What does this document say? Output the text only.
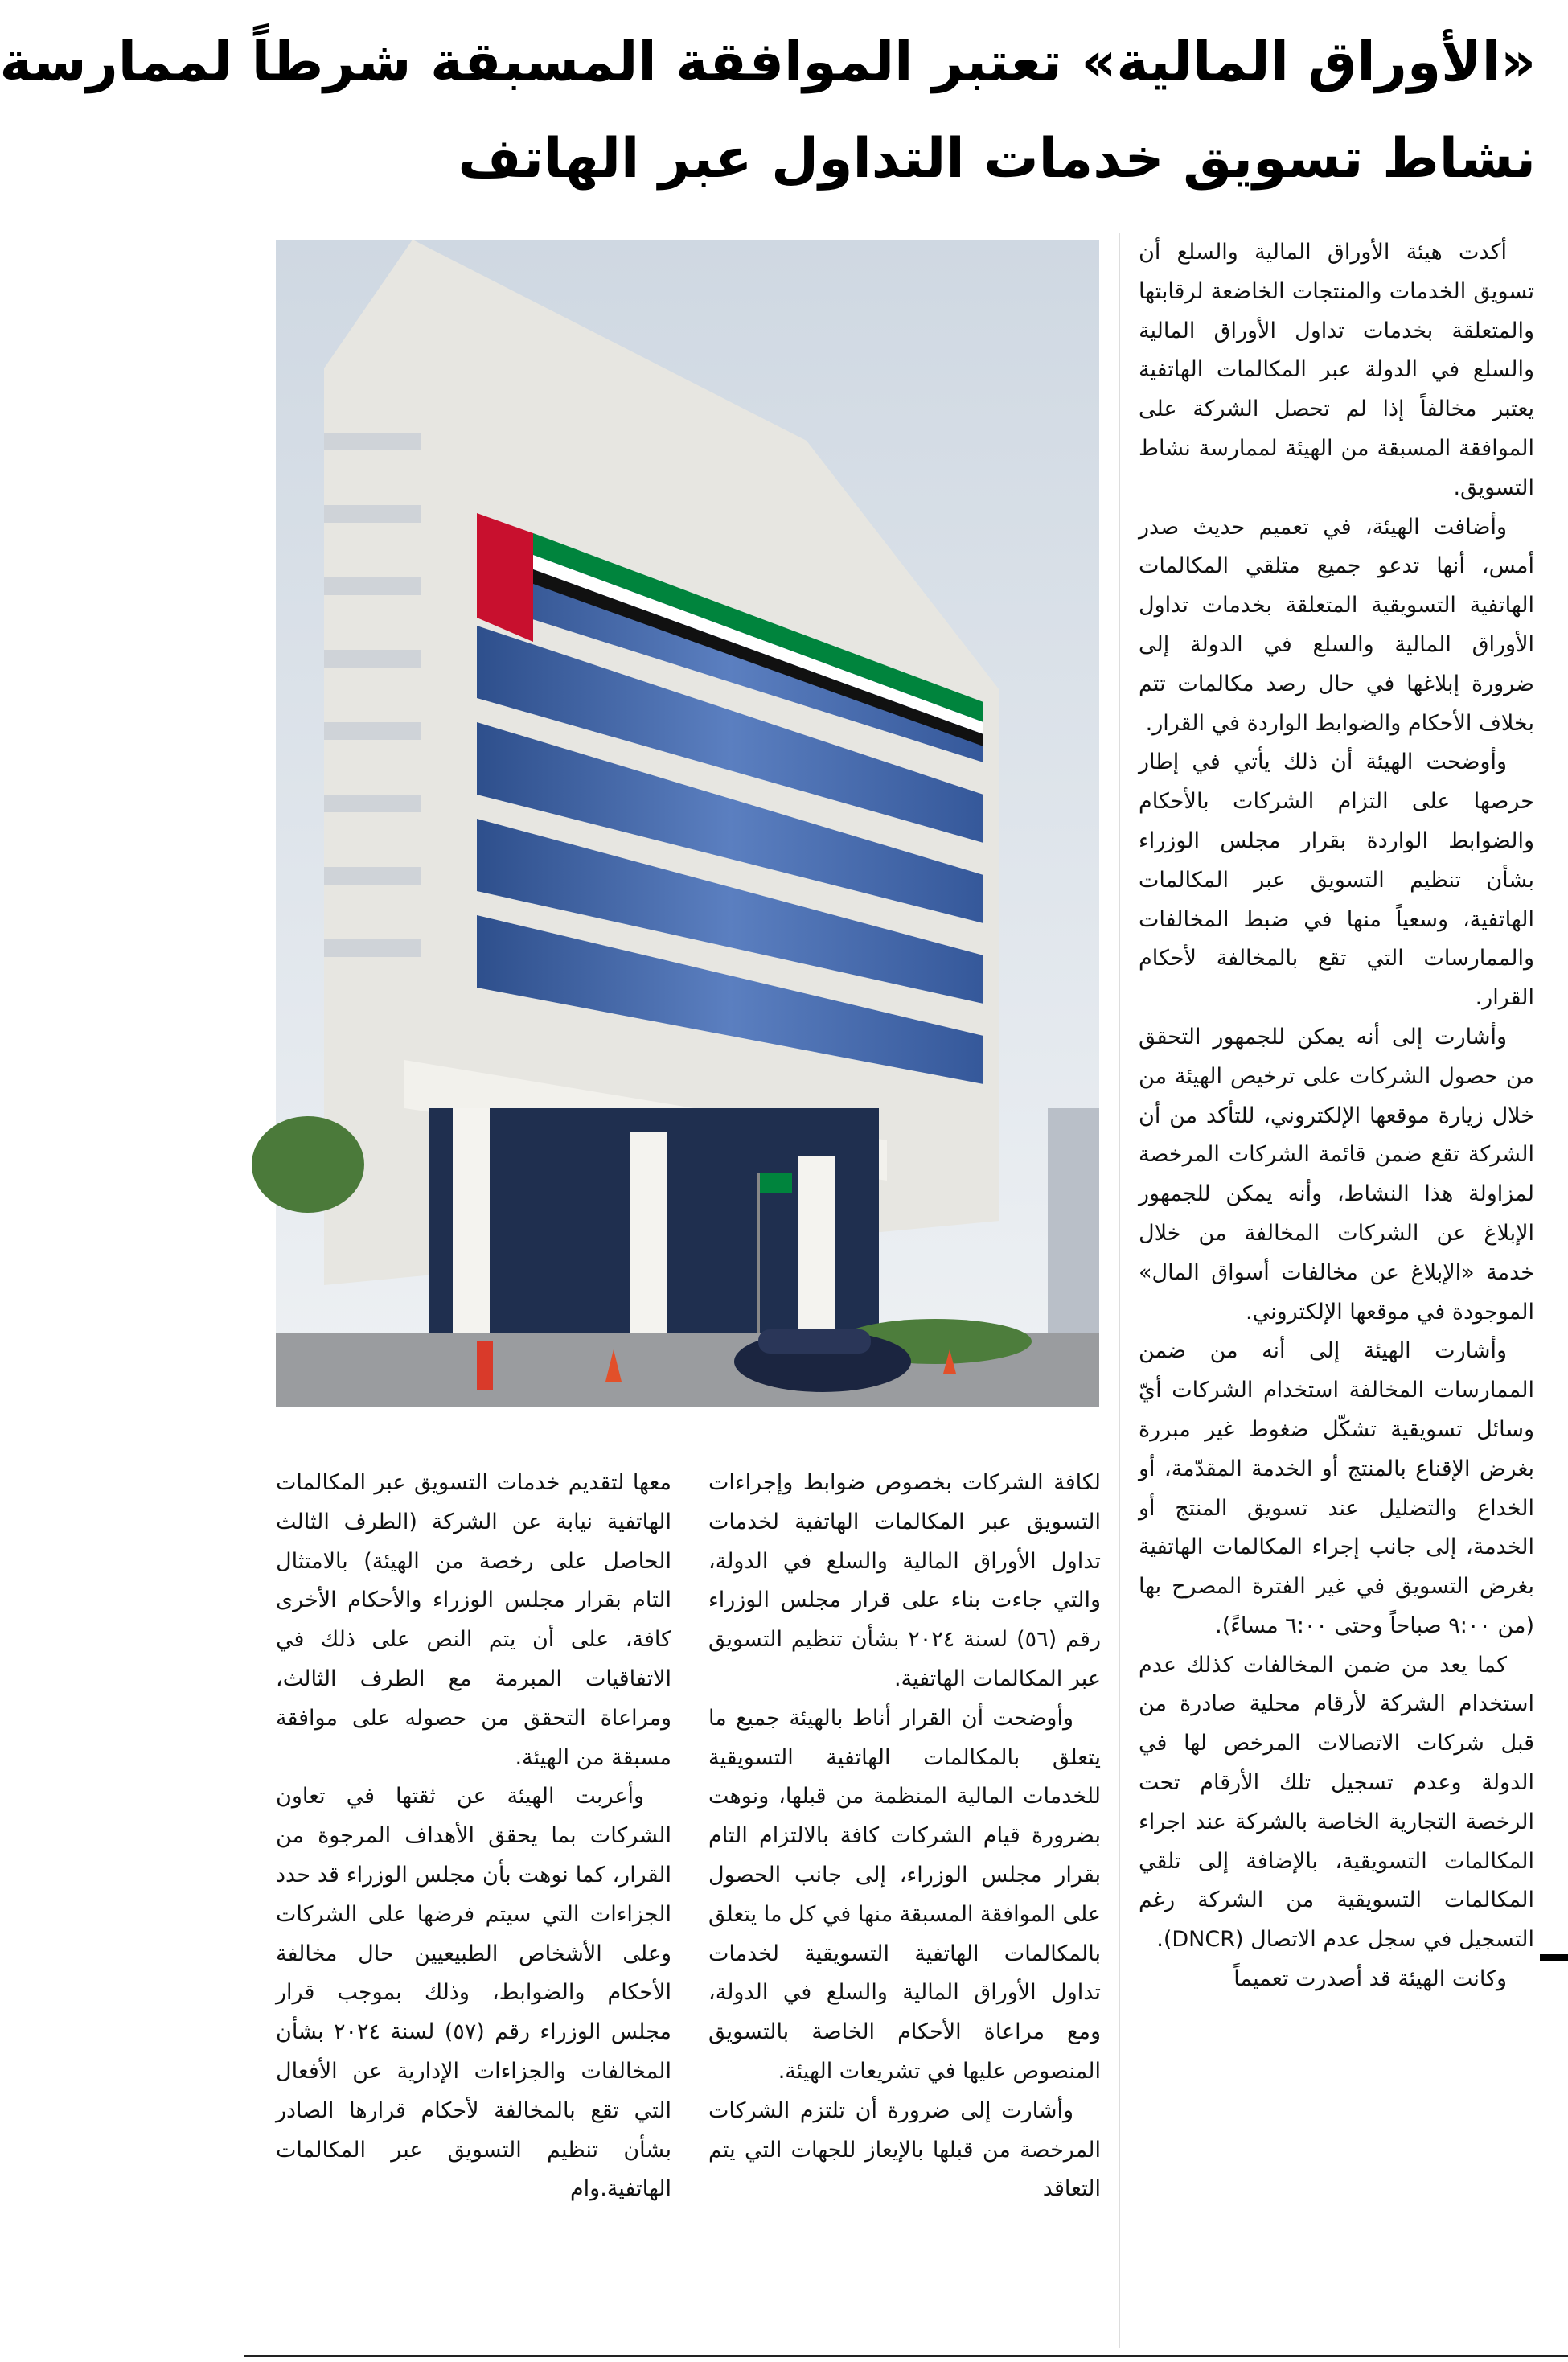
«الأوراق المالية» تعتبر الموافقة المسبقة شرطاً لممارسة
نشاط تسويق خدمات التداول عبر الهاتف

أكدت هيئة الأوراق المالية والسلع أن تسويق الخدمات والمنتجات الخاضعة لرقابتها والمتعلقة بخدمات تداول الأوراق المالية والسلع في الدولة عبر المكالمات الهاتفية يعتبر مخالفاً إذا لم تحصل الشركة على الموافقة المسبقة من الهيئة لممارسة نشاط التسويق.

وأضافت الهيئة، في تعميم حديث صدر أمس، أنها تدعو جميع متلقي المكالمات الهاتفية التسويقية المتعلقة بخدمات تداول الأوراق المالية والسلع في الدولة إلى ضرورة إبلاغها في حال رصد مكالمات تتم بخلاف الأحكام والضوابط الواردة في القرار.

وأوضحت الهيئة أن ذلك يأتي في إطار حرصها على التزام الشركات بالأحكام والضوابط الواردة بقرار مجلس الوزراء بشأن تنظيم التسويق عبر المكالمات الهاتفية، وسعياً منها في ضبط المخالفات والممارسات التي تقع بالمخالفة لأحكام القرار.

وأشارت إلى أنه يمكن للجمهور التحقق من حصول الشركات على ترخيص الهيئة من خلال زيارة موقعها الإلكتروني، للتأكد من أن الشركة تقع ضمن قائمة الشركات المرخصة لمزاولة هذا النشاط، وأنه يمكن للجمهور الإبلاغ عن الشركات المخالفة من خلال خدمة «الإبلاغ عن مخالفات أسواق المال» الموجودة في موقعها الإلكتروني.

وأشارت الهيئة إلى أنه من ضمن الممارسات المخالفة استخدام الشركات أيّ وسائل تسويقية تشكّل ضغوط غير مبررة بغرض الإقناع بالمنتج أو الخدمة المقدّمة، أو الخداع والتضليل عند تسويق المنتج أو الخدمة، إلى جانب إجراء المكالمات الهاتفية بغرض التسويق في غير الفترة المصرح بها (من ٩:٠٠ صباحاً وحتى ٦:٠٠ مساءً).

كما يعد من ضمن المخالفات كذلك عدم استخدام الشركة لأرقام محلية صادرة من قبل شركات الاتصالات المرخص لها في الدولة وعدم تسجيل تلك الأرقام تحت الرخصة التجارية الخاصة بالشركة عند اجراء المكالمات التسويقية، بالإضافة إلى تلقي المكالمات التسويقية من الشركة رغم التسجيل في سجل عدم الاتصال (DNCR).

وكانت الهيئة قد أصدرت تعميماً

لكافة الشركات بخصوص ضوابط وإجراءات التسويق عبر المكالمات الهاتفية لخدمات تداول الأوراق المالية والسلع في الدولة، والتي جاءت بناء على قرار مجلس الوزراء رقم (٥٦) لسنة ٢٠٢٤ بشأن تنظيم التسويق عبر المكالمات الهاتفية.

وأوضحت أن القرار أناط بالهيئة جميع ما يتعلق بالمكالمات الهاتفية التسويقية للخدمات المالية المنظمة من قبلها، ونوهت بضرورة قيام الشركات كافة بالالتزام التام بقرار مجلس الوزراء، إلى جانب الحصول على الموافقة المسبقة منها في كل ما يتعلق بالمكالمات الهاتفية التسويقية لخدمات تداول الأوراق المالية والسلع في الدولة، ومع مراعاة الأحكام الخاصة بالتسويق المنصوص عليها في تشريعات الهيئة.

وأشارت إلى ضرورة أن تلتزم الشركات المرخصة من قبلها بالإيعاز للجهات التي يتم التعاقد

معها لتقديم خدمات التسويق عبر المكالمات الهاتفية نيابة عن الشركة (الطرف الثالث الحاصل على رخصة من الهيئة) بالامتثال التام بقرار مجلس الوزراء والأحكام الأخرى كافة، على أن يتم النص على ذلك في الاتفاقيات المبرمة مع الطرف الثالث، ومراعاة التحقق من حصوله على موافقة مسبقة من الهيئة.

وأعربت الهيئة عن ثقتها في تعاون الشركات بما يحقق الأهداف المرجوة من القرار، كما نوهت بأن مجلس الوزراء قد حدد الجزاءات التي سيتم فرضها على الشركات وعلى الأشخاص الطبيعيين حال مخالفة الأحكام والضوابط، وذلك بموجب قرار مجلس الوزراء رقم (٥٧) لسنة ٢٠٢٤ بشأن المخالفات والجزاءات الإدارية عن الأفعال التي تقع بالمخالفة لأحكام قرارها الصادر بشأن تنظيم التسويق عبر المكالمات الهاتفية.وام
